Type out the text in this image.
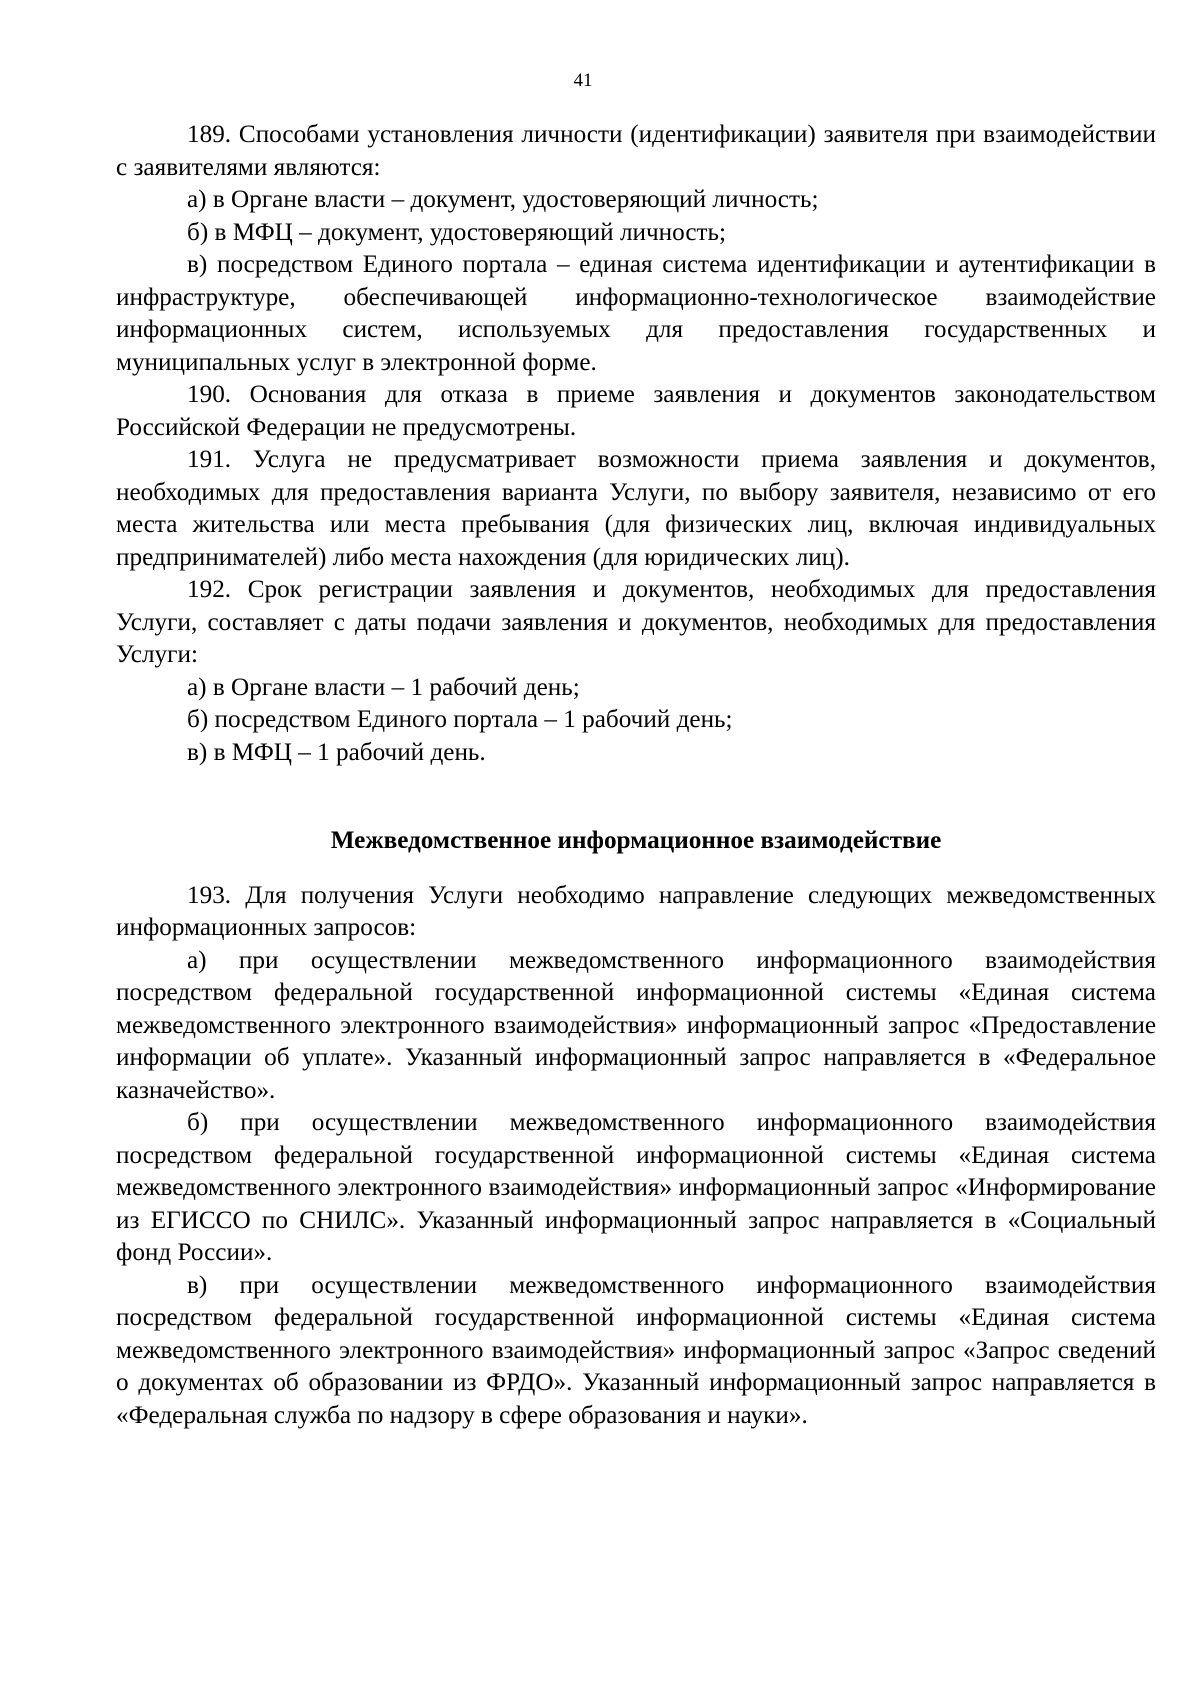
41

189. Способами установления личности (идентификации) заявителя при взаимодействии с заявителями являются:

а) в Органе власти – документ, удостоверяющий личность;

б) в МФЦ – документ, удостоверяющий личность;

в) посредством Единого портала – единая система идентификации и аутентификации в инфраструктуре, обеспечивающей информационно-технологическое взаимодействие информационных систем, используемых для предоставления государственных и муниципальных услуг в электронной форме.

190. Основания для отказа в приеме заявления и документов законодательством Российской Федерации не предусмотрены.

191. Услуга не предусматривает возможности приема заявления и документов, необходимых для предоставления варианта Услуги, по выбору заявителя, независимо от его места жительства или места пребывания (для физических лиц, включая индивидуальных предпринимателей) либо места нахождения (для юридических лиц).

192. Срок регистрации заявления и документов, необходимых для предоставления Услуги, составляет с даты подачи заявления и документов, необходимых для предоставления Услуги:

а) в Органе власти – 1 рабочий день;

б) посредством Единого портала – 1 рабочий день;

в) в МФЦ – 1 рабочий день.

Межведомственное информационное взаимодействие

193. Для получения Услуги необходимо направление следующих межведомственных информационных запросов:

а) при осуществлении межведомственного информационного взаимодействия посредством федеральной государственной информационной системы «Единая система межведомственного электронного взаимодействия» информационный запрос «Предоставление информации об уплате». Указанный информационный запрос направляется в «Федеральное казначейство».

б) при осуществлении межведомственного информационного взаимодействия посредством федеральной государственной информационной системы «Единая система межведомственного электронного взаимодействия» информационный запрос «Информирование из ЕГИССО по СНИЛС». Указанный информационный запрос направляется в «Социальный фонд России».

в) при осуществлении межведомственного информационного взаимодействия посредством федеральной государственной информационной системы «Единая система межведомственного электронного взаимодействия» информационный запрос «Запрос сведений о документах об образовании из ФРДО». Указанный информационный запрос направляется в «Федеральная служба по надзору в сфере образования и науки».
